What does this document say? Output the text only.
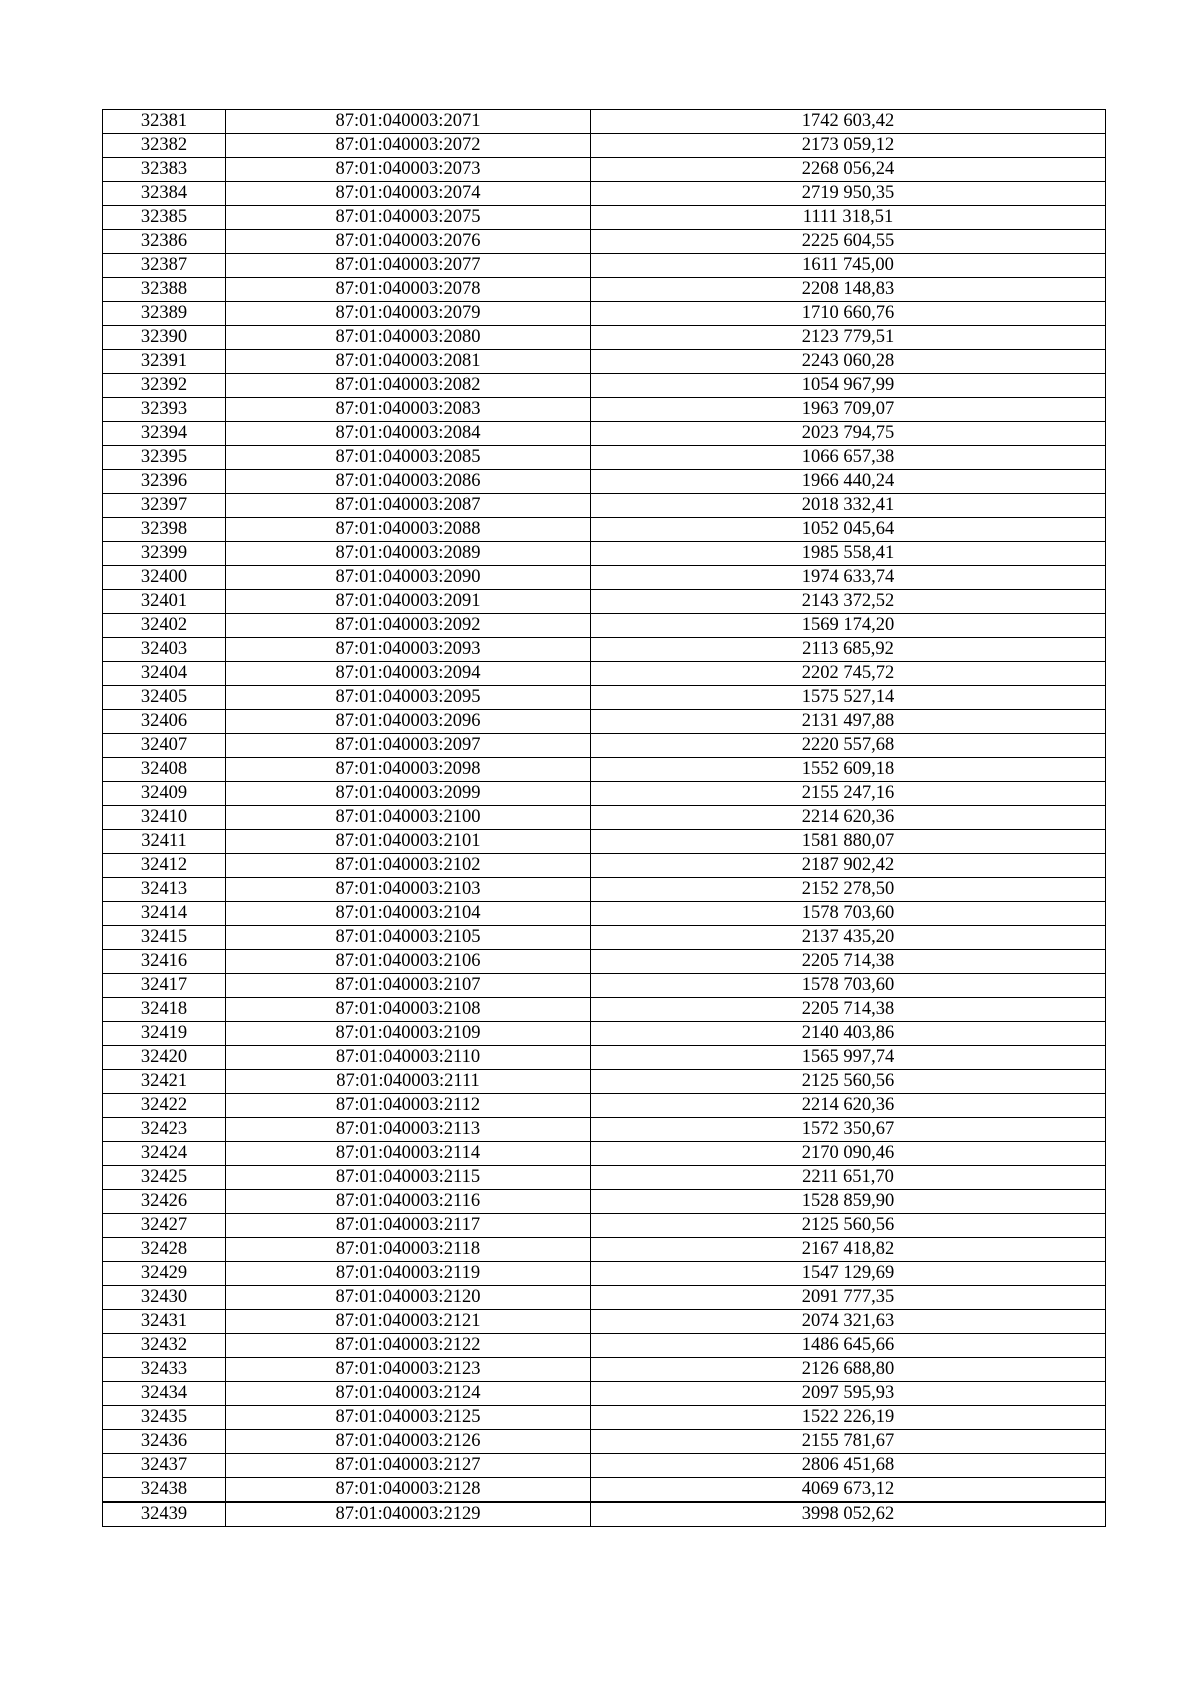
32381	87:01:040003:2071	1742 603,42
32382	87:01:040003:2072	2173 059,12
32383	87:01:040003:2073	2268 056,24
32384	87:01:040003:2074	2719 950,35
32385	87:01:040003:2075	1111 318,51
32386	87:01:040003:2076	2225 604,55
32387	87:01:040003:2077	1611 745,00
32388	87:01:040003:2078	2208 148,83
32389	87:01:040003:2079	1710 660,76
32390	87:01:040003:2080	2123 779,51
32391	87:01:040003:2081	2243 060,28
32392	87:01:040003:2082	1054 967,99
32393	87:01:040003:2083	1963 709,07
32394	87:01:040003:2084	2023 794,75
32395	87:01:040003:2085	1066 657,38
32396	87:01:040003:2086	1966 440,24
32397	87:01:040003:2087	2018 332,41
32398	87:01:040003:2088	1052 045,64
32399	87:01:040003:2089	1985 558,41
32400	87:01:040003:2090	1974 633,74
32401	87:01:040003:2091	2143 372,52
32402	87:01:040003:2092	1569 174,20
32403	87:01:040003:2093	2113 685,92
32404	87:01:040003:2094	2202 745,72
32405	87:01:040003:2095	1575 527,14
32406	87:01:040003:2096	2131 497,88
32407	87:01:040003:2097	2220 557,68
32408	87:01:040003:2098	1552 609,18
32409	87:01:040003:2099	2155 247,16
32410	87:01:040003:2100	2214 620,36
32411	87:01:040003:2101	1581 880,07
32412	87:01:040003:2102	2187 902,42
32413	87:01:040003:2103	2152 278,50
32414	87:01:040003:2104	1578 703,60
32415	87:01:040003:2105	2137 435,20
32416	87:01:040003:2106	2205 714,38
32417	87:01:040003:2107	1578 703,60
32418	87:01:040003:2108	2205 714,38
32419	87:01:040003:2109	2140 403,86
32420	87:01:040003:2110	1565 997,74
32421	87:01:040003:2111	2125 560,56
32422	87:01:040003:2112	2214 620,36
32423	87:01:040003:2113	1572 350,67
32424	87:01:040003:2114	2170 090,46
32425	87:01:040003:2115	2211 651,70
32426	87:01:040003:2116	1528 859,90
32427	87:01:040003:2117	2125 560,56
32428	87:01:040003:2118	2167 418,82
32429	87:01:040003:2119	1547 129,69
32430	87:01:040003:2120	2091 777,35
32431	87:01:040003:2121	2074 321,63
32432	87:01:040003:2122	1486 645,66
32433	87:01:040003:2123	2126 688,80
32434	87:01:040003:2124	2097 595,93
32435	87:01:040003:2125	1522 226,19
32436	87:01:040003:2126	2155 781,67
32437	87:01:040003:2127	2806 451,68
32438	87:01:040003:2128	4069 673,12
32439	87:01:040003:2129	3998 052,62
